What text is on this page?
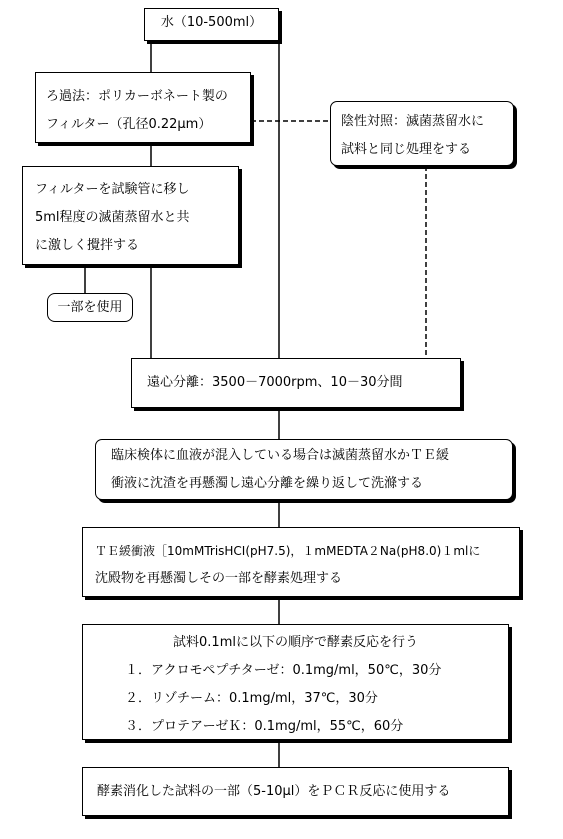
水（10-500ml）
ろ過法：ポリカーボネート製の
フィルター（孔径0.22μm）	陰性対照：滅菌蒸留水に
試料と同じ処理をする
フィルターを試験管に移し
5ml程度の滅菌蒸留水と共
に激しく攪拌する
一部を使用
遠心分離：3500－7000rpm、10－30分間
臨床検体に血液が混入している場合は滅菌蒸留水かＴＥ緩
衝液に沈渣を再懸濁し遠心分離を繰り返して洗滌する
ＴＥ緩衝液［10mMTrisHCI(pH7.5)，１mMEDTA２Na(pH8.0)１mlに
沈殿物を再懸濁しその一部を酵素処理する
試料0.1mlに以下の順序で酵素反応を行う
１．アクロモペプチターゼ：0.1mg/ml，50℃，30分
２．リゾチーム：0.1mg/ml，37℃，30分
３．プロテアーゼＫ：0.1mg/ml，55℃，60分
酵素消化した試料の一部（5-10μl）をＰＣＲ反応に使用する
